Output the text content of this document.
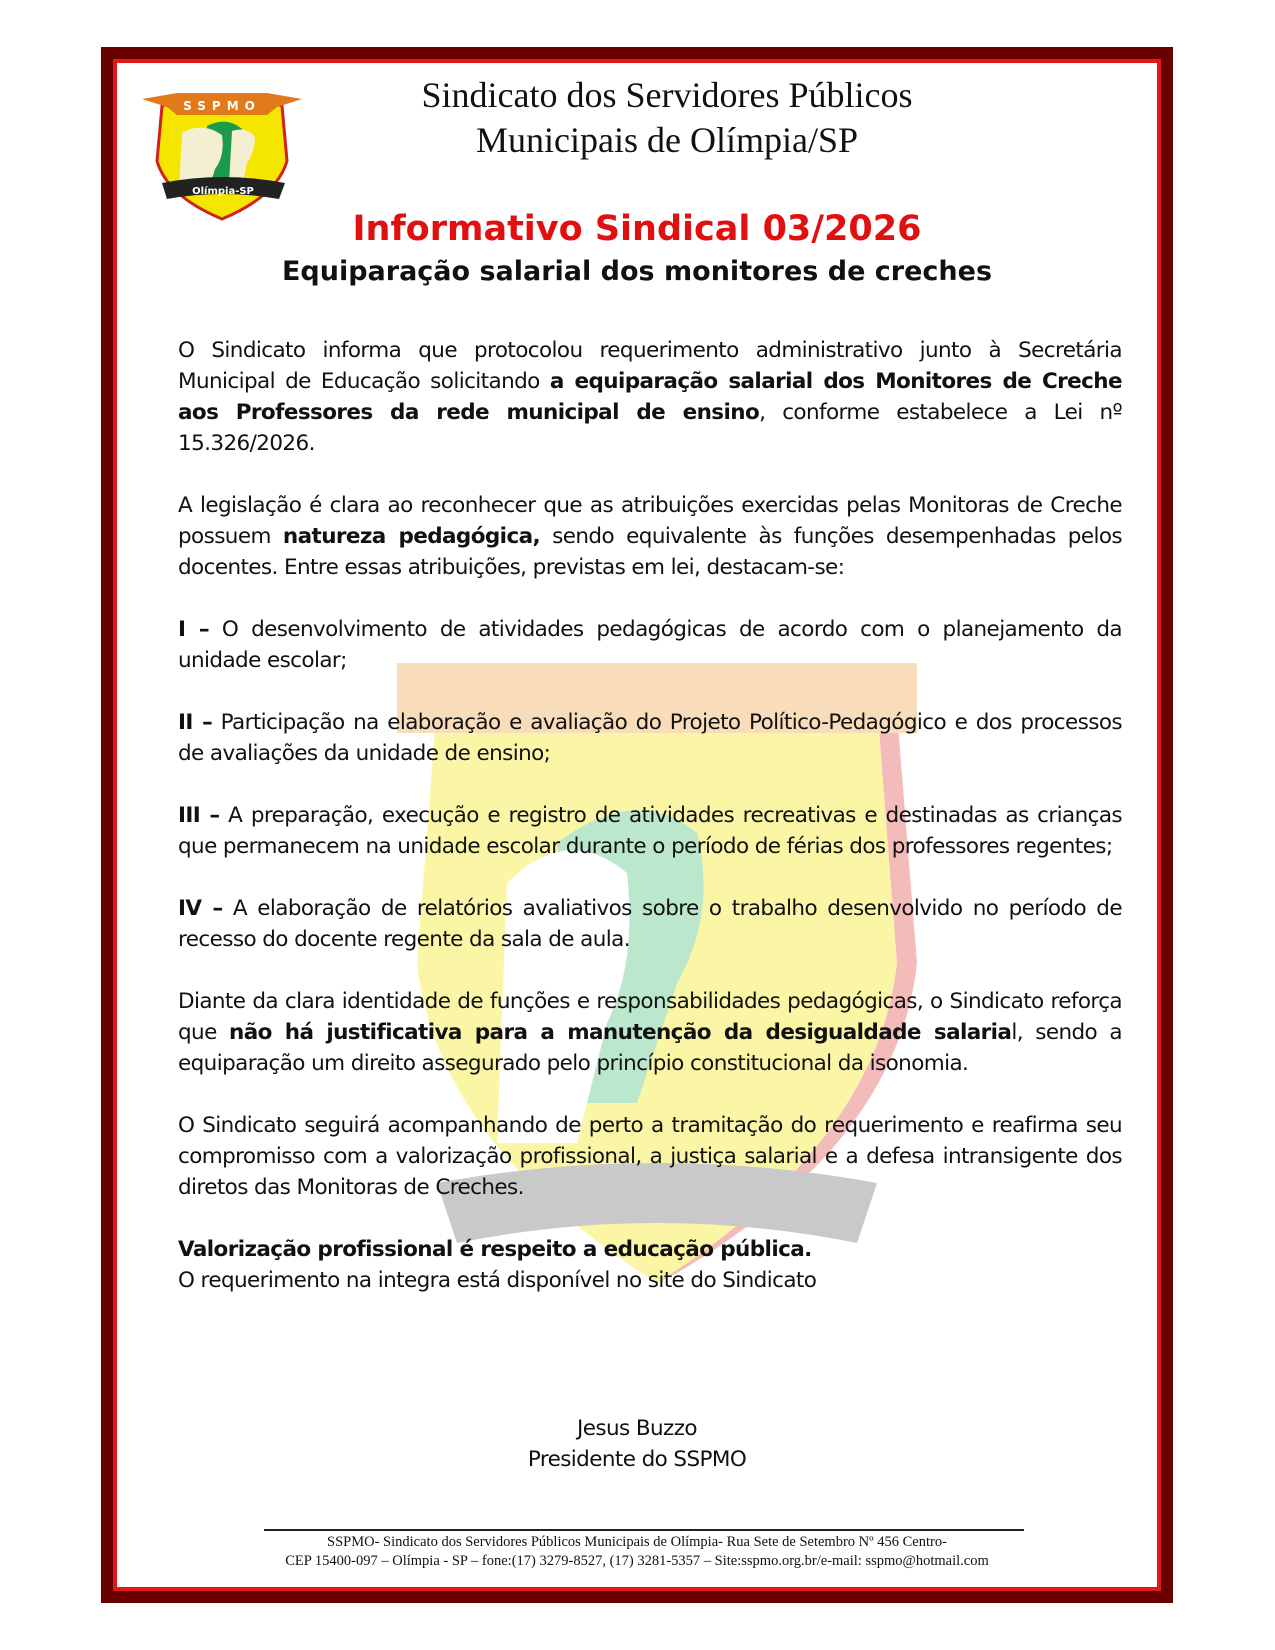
SSPMO
Olímpia-SP
Sindicato dos Servidores Públicos
Municipais de Olímpia/SP
Informativo Sindical 03/2026
Equiparação salarial dos monitores de creches

O Sindicato informa que protocolou requerimento administrativo junto à Secretária Municipal de Educação solicitando a equiparação salarial dos Monitores de Creche aos Professores da rede municipal de ensino, conforme estabelece a Lei nº 15.326/2026.

A legislação é clara ao reconhecer que as atribuições exercidas pelas Monitoras de Creche possuem natureza pedagógica, sendo equivalente às funções desempenhadas pelos docentes. Entre essas atribuições, previstas em lei, destacam-se:

I – O desenvolvimento de atividades pedagógicas de acordo com o planejamento da unidade escolar;

II – Participação na elaboração e avaliação do Projeto Político-Pedagógico e dos processos de avaliações da unidade de ensino;

III – A preparação, execução e registro de atividades recreativas e destinadas as crianças que permanecem na unidade escolar durante o período de férias dos professores regentes;

IV – A elaboração de relatórios avaliativos sobre o trabalho desenvolvido no período de recesso do docente regente da sala de aula.

Diante da clara identidade de funções e responsabilidades pedagógicas, o Sindicato reforça que não há justificativa para a manutenção da desigualdade salarial, sendo a equiparação um direito assegurado pelo princípio constitucional da isonomia.

O Sindicato seguirá acompanhando de perto a tramitação do requerimento e reafirma seu compromisso com a valorização profissional, a justiça salarial e a defesa intransigente dos diretos das Monitoras de Creches.

Valorização profissional é respeito a educação pública.

O requerimento na integra está disponível no site do Sindicato

Jesus Buzzo
Presidente do SSPMO
SSPMO- Sindicato dos Servidores Públicos Municipais de Olímpia- Rua Sete de Setembro Nº 456 Centro-
CEP 15400-097 – Olímpia - SP – fone:(17) 3279-8527, (17) 3281-5357 – Site:sspmo.org.br/e-mail: sspmo@hotmail.com
